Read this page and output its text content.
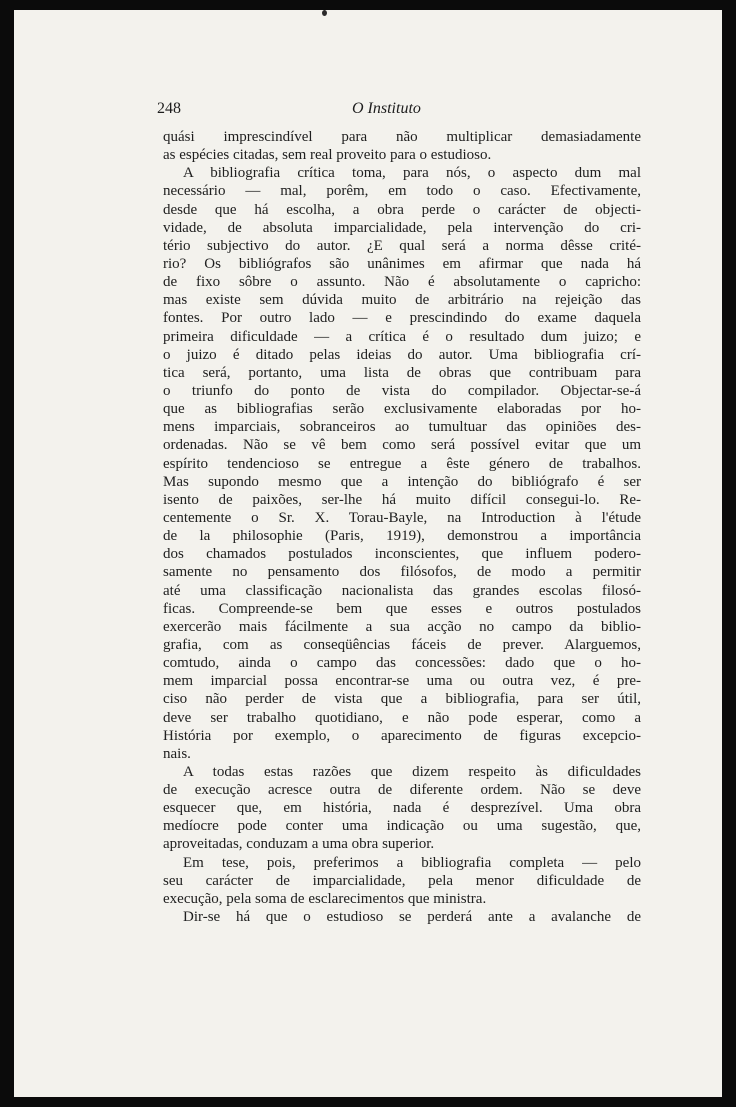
248	O Instituto
quási imprescindível para não multiplicar demasiadamente
as espécies citadas, sem real proveito para o estudioso.
A bibliografia crítica toma, para nós, o aspecto dum mal
necessário — mal, porêm, em todo o caso. Efectivamente,
desde que há escolha, a obra perde o carácter de objecti-
vidade, de absoluta imparcialidade, pela intervenção do cri-
tério subjectivo do autor. ¿E qual será a norma dêsse crité-
rio? Os bibliógrafos são unânimes em afirmar que nada há
de fixo sôbre o assunto. Não é absolutamente o capricho:
mas existe sem dúvida muito de arbitrário na rejeição das
fontes. Por outro lado — e prescindindo do exame daquela
primeira dificuldade — a crítica é o resultado dum juizo; e
o juizo é ditado pelas ideias do autor. Uma bibliografia crí-
tica será, portanto, uma lista de obras que contribuam para
o triunfo do ponto de vista do compilador. Objectar-se-á
que as bibliografias serão exclusivamente elaboradas por ho-
mens imparciais, sobranceiros ao tumultuar das opiniões des-
ordenadas. Não se vê bem como será possível evitar que um
espírito tendencioso se entregue a êste género de trabalhos.
Mas supondo mesmo que a intenção do bibliógrafo é ser
isento de paixões, ser-lhe há muito difícil consegui-lo. Re-
centemente o Sr. X. Torau-Bayle, na Introduction à l'étude
de la philosophie (Paris, 1919), demonstrou a importância
dos chamados postulados inconscientes, que influem podero-
samente no pensamento dos filósofos, de modo a permitir
até uma classificação nacionalista das grandes escolas filosó-
ficas. Compreende-se bem que esses e outros postulados
exercerão mais fácilmente a sua acção no campo da biblio-
grafia, com as conseqüências fáceis de prever. Alarguemos,
comtudo, ainda o campo das concessões: dado que o ho-
mem imparcial possa encontrar-se uma ou outra vez, é pre-
ciso não perder de vista que a bibliografia, para ser útil,
deve ser trabalho quotidiano, e não pode esperar, como a
História por exemplo, o aparecimento de figuras excepcio-
nais.
A todas estas razões que dizem respeito às dificuldades
de execução acresce outra de diferente ordem. Não se deve
esquecer que, em história, nada é desprezível. Uma obra
medíocre pode conter uma indicação ou uma sugestão, que,
aproveitadas, conduzam a uma obra superior.
Em tese, pois, preferimos a bibliografia completa — pelo
seu carácter de imparcialidade, pela menor dificuldade de
execução, pela soma de esclarecimentos que ministra.
Dir-se há que o estudioso se perderá ante a avalanche de
